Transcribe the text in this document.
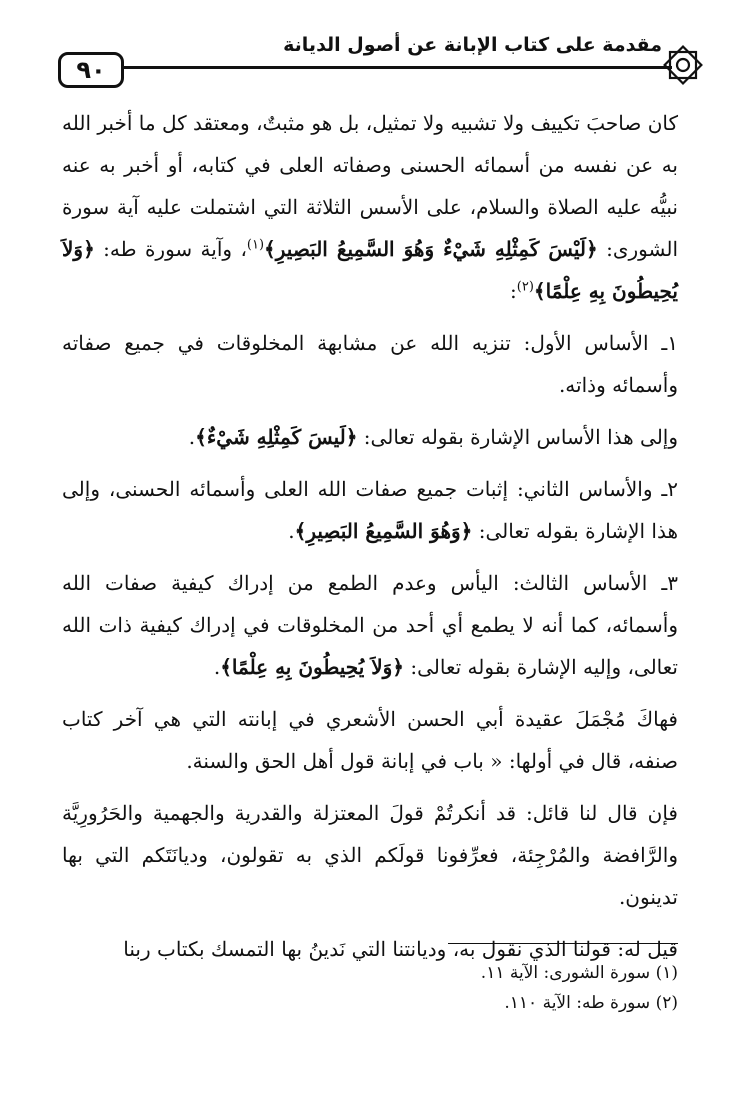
مقدمة على كتاب الإبانة عن أصول الديانة
٩٠

كان صاحبَ تكييف ولا تشبيه ولا تمثيل، بل هو مثبتٌ، ومعتقد كل ما أخبر الله به عن نفسه من أسمائه الحسنى وصفاته العلى في كتابه، أو أخبر به عنه نبيُّه عليه الصلاة والسلام، على الأسس الثلاثة التي اشتملت عليه آية سورة الشورى: ﴿لَيْسَ كَمِثْلِهِ شَيْءٌ وَهُوَ السَّمِيعُ البَصِيرِ﴾$^{(١)}$، وآية سورة طه: ﴿وَلاَ يُحِيطُونَ بِهِ عِلْمًا﴾$^{(٢)}$:

١ـ الأساس الأول: تنزيه الله عن مشابهة المخلوقات في جميع صفاته وأسمائه وذاته.

وإلى هذا الأساس الإشارة بقوله تعالى: ﴿لَيسَ كَمِثْلِهِ شَيْءٌ﴾.

٢ـ والأساس الثاني: إثبات جميع صفات الله العلى وأسمائه الحسنى، وإلى هذا الإشارة بقوله تعالى: ﴿وَهُوَ السَّمِيعُ البَصِيرِ﴾.

٣ـ الأساس الثالث: اليأس وعدم الطمع من إدراك كيفية صفات الله وأسمائه، كما أنه لا يطمع أي أحد من المخلوقات في إدراك كيفية ذات الله تعالى، وإليه الإشارة بقوله تعالى: ﴿وَلاَ يُحِيطُونَ بِهِ عِلْمًا﴾.

فهاكَ مُجْمَلَ عقيدة أبي الحسن الأشعري في إبانته التي هي آخر كتاب صنفه، قال في أولها: « باب في إبانة قول أهل الحق والسنة.

فإن قال لنا قائل: قد أنكرتُمْ قولَ المعتزلة والقدرية والجهمية والحَرُورِيَّة والرَّافضة والمُرْجِئة، فعرِّفونا قولَكم الذي به تقولون، وديانَتَكم التي بها تدينون.

قيل له: قولنا الذي نقول به، وديانتنا التي نَدينُ بها التمسك بكتاب ربنا

(١) سورة الشورى: الآية ١١.
(٢) سورة طه: الآية ١١٠.
